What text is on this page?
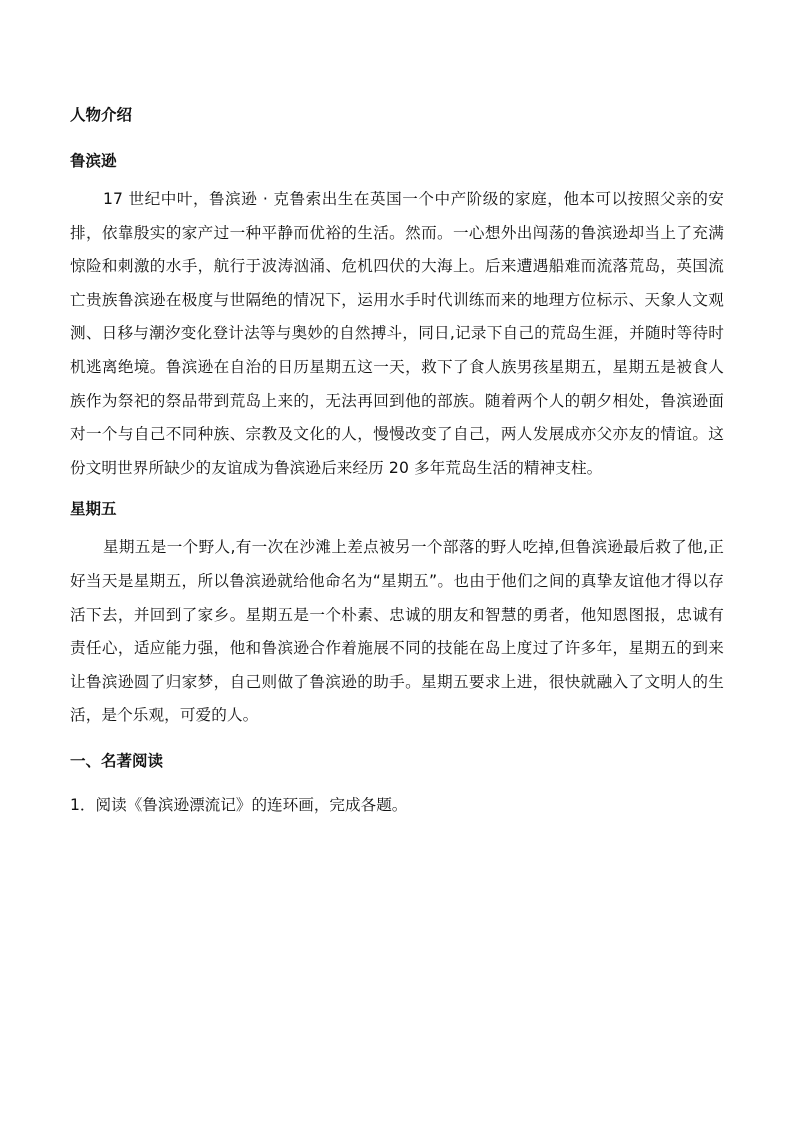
人物介绍

鲁滨逊

17 世纪中叶，鲁滨逊 · 克鲁索出生在英国一个中产阶级的家庭，他本可以按照父亲的安排，依靠殷实的家产过一种平静而优裕的生活。然而。一心想外出闯荡的鲁滨逊却当上了充满惊险和刺激的水手，航行于波涛汹涌、危机四伏的大海上。后来遭遇船难而流落荒岛，英国流亡贵族鲁滨逊在极度与世隔绝的情况下，运用水手时代训练而来的地理方位标示、天象人文观测、日移与潮汐变化登计法等与奥妙的自然搏斗，同日,记录下自己的荒岛生涯，并随时等待时机逃离绝境。鲁滨逊在自治的日历星期五这一天，救下了食人族男孩星期五，星期五是被食人族作为祭祀的祭品带到荒岛上来的，无法再回到他的部族。随着两个人的朝夕相处，鲁滨逊面对一个与自己不同种族、宗教及文化的人，慢慢改变了自己，两人发展成亦父亦友的情谊。这份文明世界所缺少的友谊成为鲁滨逊后来经历 20 多年荒岛生活的精神支柱。

星期五

星期五是一个野人,有一次在沙滩上差点被另一个部落的野人吃掉,但鲁滨逊最后救了他,正好当天是星期五，所以鲁滨逊就给他命名为“星期五”。也由于他们之间的真挚友谊他才得以存活下去，并回到了家乡。星期五是一个朴素、忠诚的朋友和智慧的勇者，他知恩图报，忠诚有责任心，适应能力强，他和鲁滨逊合作着施展不同的技能在岛上度过了许多年，星期五的到来让鲁滨逊圆了归家梦，自己则做了鲁滨逊的助手。星期五要求上进，很快就融入了文明人的生活，是个乐观，可爱的人。

一、名著阅读

1．阅读《鲁滨逊漂流记》的连环画，完成各题。
